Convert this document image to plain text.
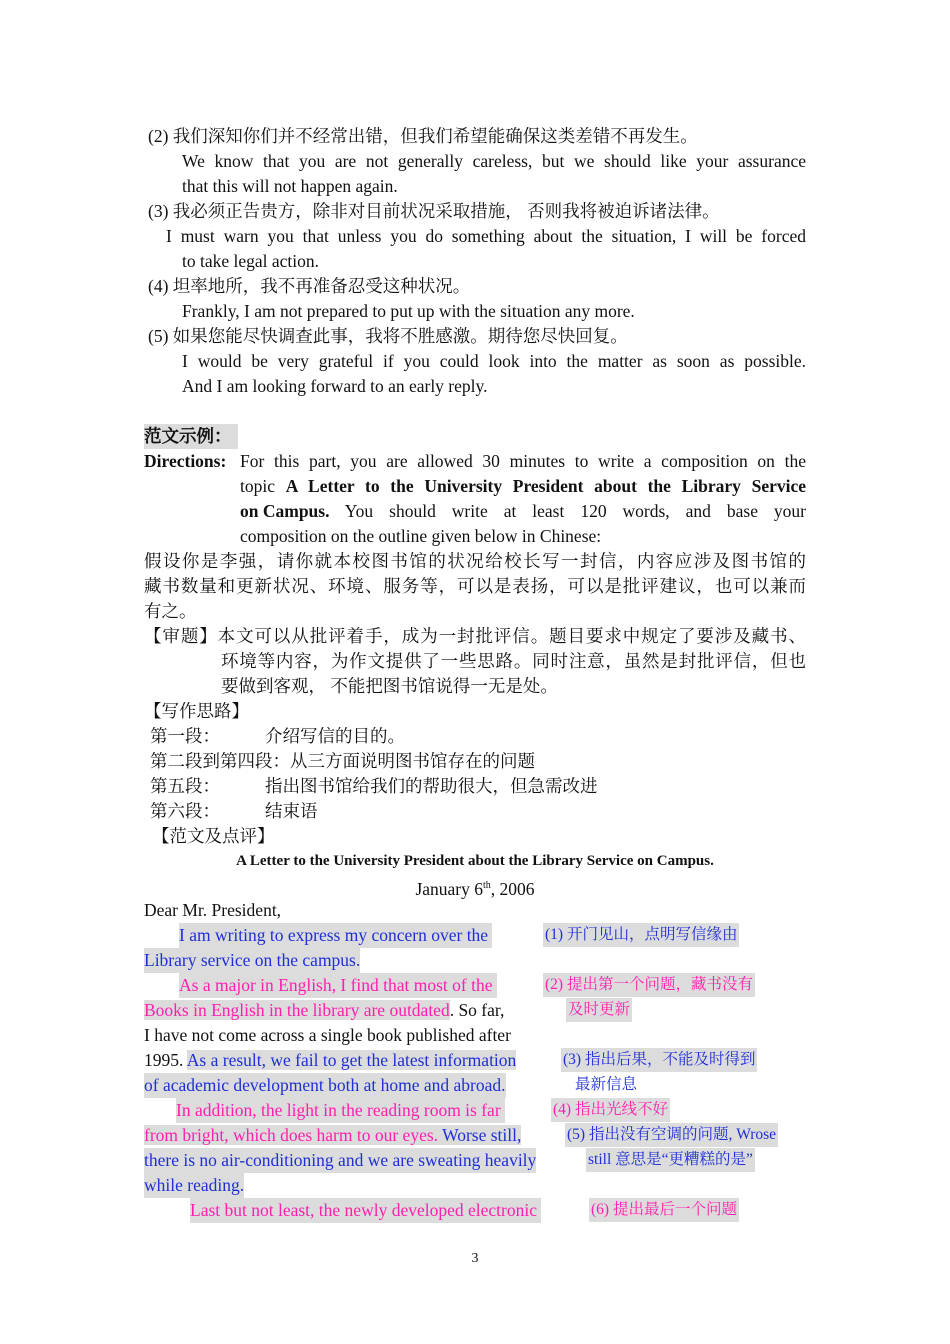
(2) 我们深知你们并不经常出错，但我们希望能确保这类差错不再发生。
We know that you are not generally careless, but we should like your assurance
that this will not happen again.
(3) 我必须正告贵方，除非对目前状况采取措施， 否则我将被迫诉诸法律。
I must warn you that unless you do something about the situation, I will be forced
to take legal action.
(4) 坦率地所，我不再准备忍受这种状况。
Frankly, I am not prepared to put up with the situation any more.
(5) 如果您能尽快调查此事，我将不胜感激。期待您尽快回复。
I would be very grateful if you could look into the matter as soon as possible.
And I am looking forward to an early reply.
范文示例：
Directions: For this part, you are allowed 30 minutes to write a composition on the
topic A Letter to the University President about the Library Service
on Campus. You should write at least 120 words, and base your
composition on the outline given below in Chinese:
假设你是李强，请你就本校图书馆的状况给校长写一封信，内容应涉及图书馆的
藏书数量和更新状况、环境、服务等，可以是表扬，可以是批评建议，也可以兼而
有之。
【审题】本文可以从批评着手，成为一封批评信。题目要求中规定了要涉及藏书、
环境等内容，为作文提供了一些思路。同时注意，虽然是封批评信，但也
要做到客观， 不能把图书馆说得一无是处。
【写作思路】
第一段：	介绍写信的目的。
第二段到第四段：从三方面说明图书馆存在的问题
第五段：	指出图书馆给我们的帮助很大，但急需改进
第六段：	结束语
【范文及点评】
A Letter to the University President about the Library Service on Campus.
January 6th, 2006
Dear Mr. President,
I am writing to express my concern over the
Library service on the campus.
As a major in English, I find that most of the
Books in English in the library are outdated. So far,
I have not come across a single book published after
1995. As a result, we fail to get the latest information
of academic development both at home and abroad.
In addition, the light in the reading room is far
from bright, which does harm to our eyes. Worse still,
there is no air-conditioning and we are sweating heavily
while reading.
Last but not least, the newly developed electronic
(1) 开门见山，点明写信缘由
(2) 提出第一个问题，藏书没有
及时更新
(3) 指出后果，不能及时得到
最新信息
(4) 指出光线不好
(5) 指出没有空调的问题, Wrose
still 意思是“更糟糕的是”
(6) 提出最后一个问题
3
